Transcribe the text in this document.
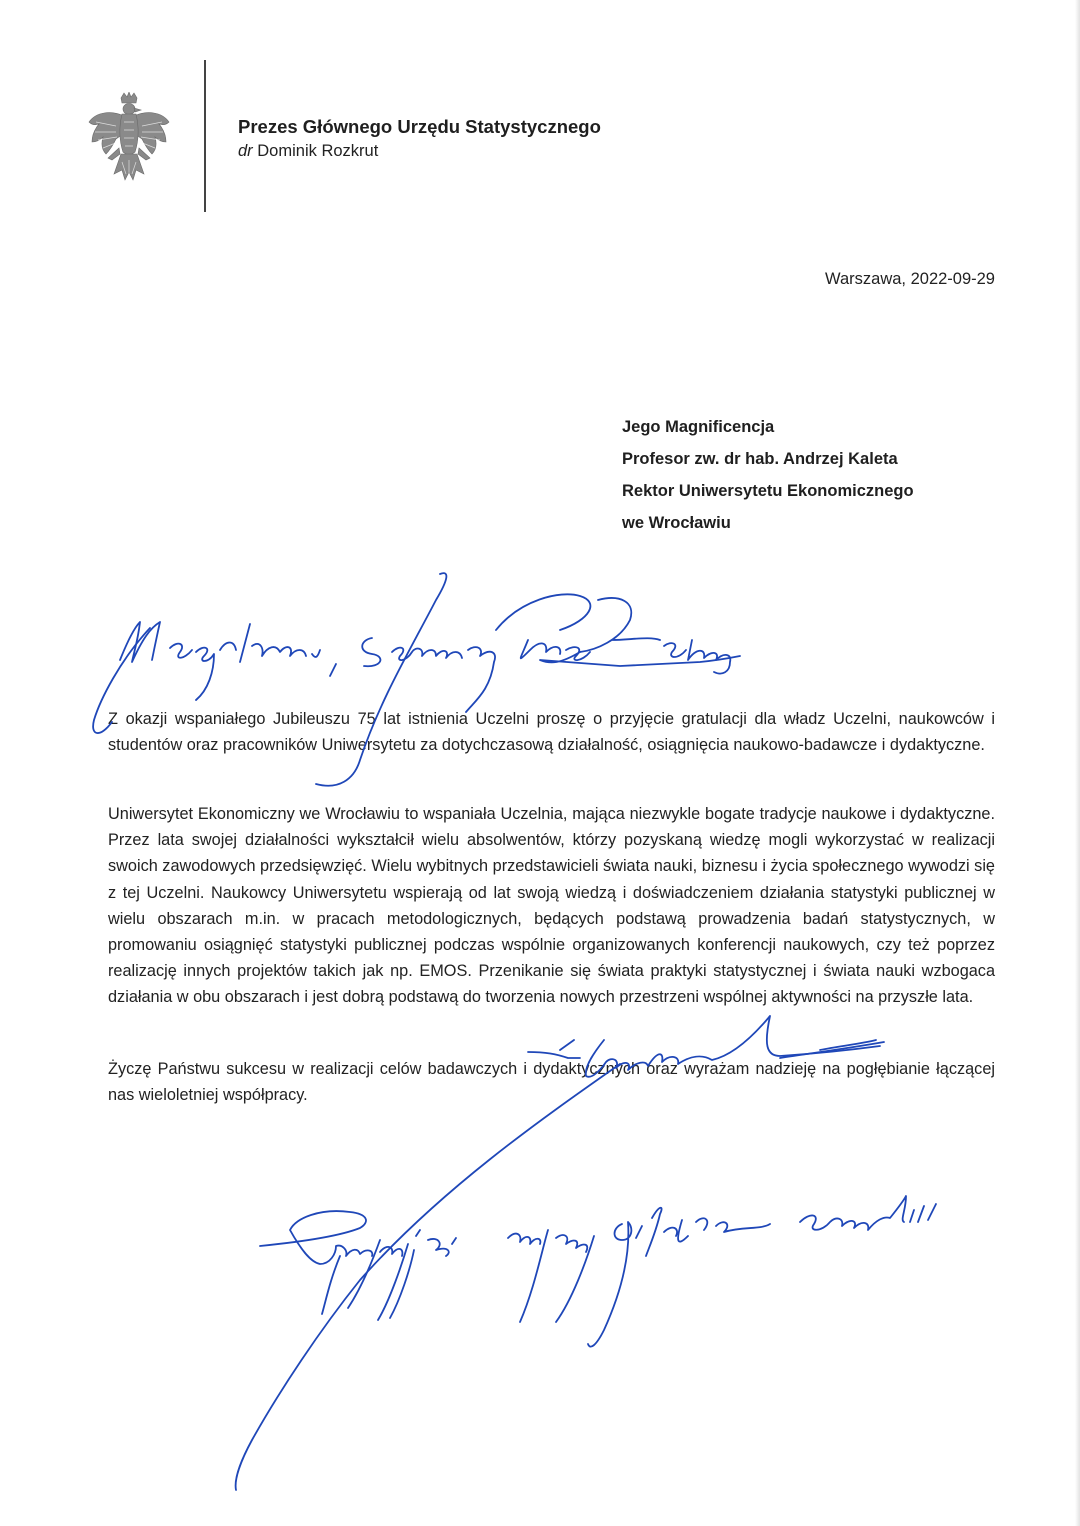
Prezes Głównego Urzędu Statystycznego
dr Dominik Rozkrut
Warszawa, 2022-09-29
Jego Magnificencja
Profesor zw. dr hab. Andrzej Kaleta
Rektor Uniwersytetu Ekonomicznego
we Wrocławiu

Z okazji wspaniałego Jubileuszu 75 lat istnienia Uczelni proszę o przyjęcie gratulacji dla władz Uczelni, naukowców i studentów oraz pracowników Uniwersytetu za dotychczasową działalność, osiągnięcia naukowo-badawcze i dydaktyczne.

Uniwersytet Ekonomiczny we Wrocławiu to wspaniała Uczelnia, mająca niezwykle bogate tradycje naukowe i dydaktyczne. Przez lata swojej działalności wykształcił wielu absolwentów, którzy pozyskaną wiedzę mogli wykorzystać w realizacji swoich zawodowych przedsięwzięć. Wielu wybitnych przedstawicieli świata nauki, biznesu i życia społecznego wywodzi się z tej Uczelni. Naukowcy Uniwersytetu wspierają od lat swoją wiedzą i doświadczeniem działania statystyki publicznej w wielu obszarach m.in. w pracach metodologicznych, będących podstawą prowadzenia badań statystycznych, w promowaniu osiągnięć statystyki publicznej podczas wspólnie organizowanych konferencji naukowych, czy też poprzez realizację innych projektów takich jak np. EMOS. Przenikanie się świata praktyki statystycznej i świata nauki wzbogaca działania w obu obszarach i jest dobrą podstawą do tworzenia nowych przestrzeni wspólnej aktywności na przyszłe lata.

Życzę Państwu sukcesu w realizacji celów badawczych i dydaktycznych oraz wyrażam nadzieję na pogłębianie łączącej nas wieloletniej współpracy.
